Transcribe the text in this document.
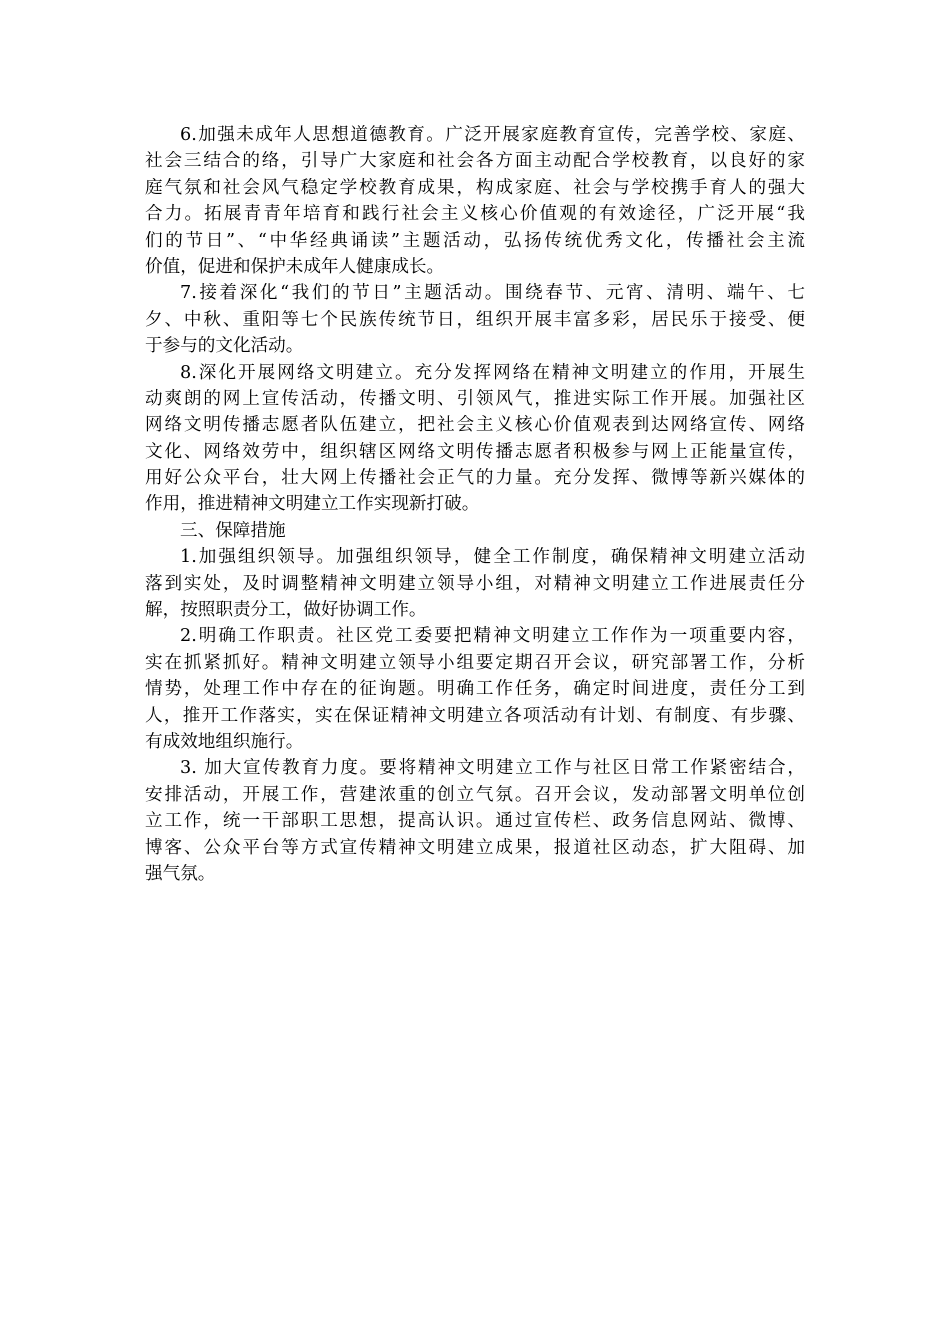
6.加强未成年人思想道德教育。广泛开展家庭教育宣传，完善学校、家庭、
社会三结合的络，引导广大家庭和社会各方面主动配合学校教育，以良好的家
庭气氛和社会风气稳定学校教育成果，构成家庭、社会与学校携手育人的强大
合力。拓展青青年培育和践行社会主义核心价值观的有效途径，广泛开展“我
们的节日”、“中华经典诵读”主题活动，弘扬传统优秀文化，传播社会主流
价值，促进和保护未成年人健康成长。
7.接着深化“我们的节日”主题活动。围绕春节、元宵、清明、端午、七
夕、中秋、重阳等七个民族传统节日，组织开展丰富多彩，居民乐于接受、便
于参与的文化活动。
8.深化开展网络文明建立。充分发挥网络在精神文明建立的作用，开展生
动爽朗的网上宣传活动，传播文明、引领风气，推进实际工作开展。加强社区
网络文明传播志愿者队伍建立，把社会主义核心价值观表到达网络宣传、网络
文化、网络效劳中，组织辖区网络文明传播志愿者积极参与网上正能量宣传，
用好公众平台，壮大网上传播社会正气的力量。充分发挥、微博等新兴媒体的
作用，推进精神文明建立工作实现新打破。
三、保障措施
1.加强组织领导。加强组织领导，健全工作制度，确保精神文明建立活动
落到实处，及时调整精神文明建立领导小组，对精神文明建立工作进展责任分
解，按照职责分工，做好协调工作。
2.明确工作职责。社区党工委要把精神文明建立工作作为一项重要内容，
实在抓紧抓好。精神文明建立领导小组要定期召开会议，研究部署工作，分析
情势，处理工作中存在的征询题。明确工作任务，确定时间进度，责任分工到
人，推开工作落实，实在保证精神文明建立各项活动有计划、有制度、有步骤、
有成效地组织施行。
3. 加大宣传教育力度。要将精神文明建立工作与社区日常工作紧密结合，
安排活动，开展工作，营建浓重的创立气氛。召开会议，发动部署文明单位创
立工作，统一干部职工思想，提高认识。通过宣传栏、政务信息网站、微博、
博客、公众平台等方式宣传精神文明建立成果，报道社区动态，扩大阻碍、加
强气氛。
